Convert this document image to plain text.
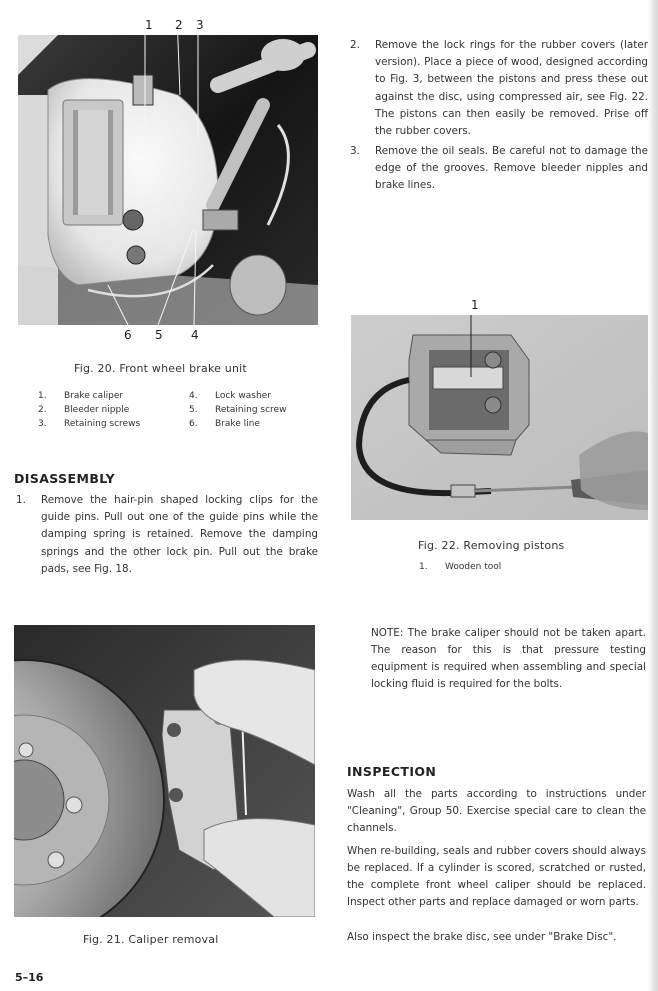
1 2 3
6 5 4
Fig. 20. Front wheel brake unit
1.	Brake caliper	4.	Lock washer
2.	Bleeder nipple	5.	Retaining screw
3.	Retaining screws	6.	Brake line
DISASSEMBLY
1. Remove the hair-pin shaped locking clips for the guide pins. Pull out one of the guide pins while the damping spring is retained. Remove the damping springs and the other lock pin. Pull out the brake pads, see Fig. 18.
2. Remove the lock rings for the rubber covers (later version). Place a piece of wood, designed according to Fig. 3, between the pistons and press these out against the disc, using compressed air, see Fig. 22. The pistons can then easily be removed. Prise off the rubber covers.
3. Remove the oil seals. Be careful not to damage the edge of the grooves. Remove bleeder nipples and brake lines.
1
Fig. 22. Removing pistons
1.	Wooden tool
Fig. 21. Caliper removal
NOTE: The brake caliper should not be taken apart. The reason for this is that pressure testing equipment is required when assembling and special locking fluid is required for the bolts.
INSPECTION
Wash all the parts according to instructions under "Cleaning", Group 50. Exercise special care to clean the channels.
When re-building, seals and rubber covers should always be replaced. If a cylinder is scored, scratched or rusted, the complete front wheel caliper should be replaced. Inspect other parts and replace damaged or worn parts.
Also inspect the brake disc, see under "Brake Disc".
5–16
